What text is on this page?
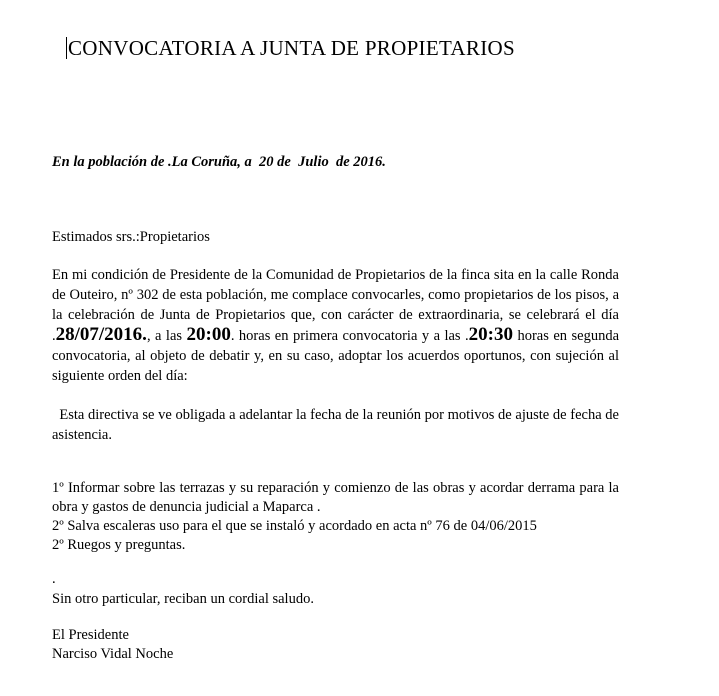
CONVOCATORIA A JUNTA DE PROPIETARIOS
En la población de .La Coruña, a  20 de  Julio  de 2016.
Estimados srs.:Propietarios
En mi condición de Presidente de la Comunidad de Propietarios de la finca sita en la calle Ronda de Outeiro, nº 302 de esta población, me complace convocarles, como propietarios de los pisos, a la celebración de Junta de Propietarios que, con carácter de extraordinaria, se celebrará el día .28/07/2016., a las 20:00. horas en primera convocatoria y a las .20:30 horas en segunda convocatoria, al objeto de debatir y, en su caso, adoptar los acuerdos oportunos, con sujeción al siguiente orden del día:
Esta directiva se ve obligada a adelantar la fecha de la reunión por motivos de ajuste de fecha de asistencia.
1º Informar sobre las terrazas y su reparación y comienzo de las obras y acordar derrama para la obra y gastos de denuncia judicial a Maparca .
2º Salva escaleras uso para el que se instaló y acordado en acta nº 76 de 04/06/2015
2º Ruegos y preguntas.
.
Sin otro particular, reciban un cordial saludo.
El Presidente
Narciso Vidal Noche
